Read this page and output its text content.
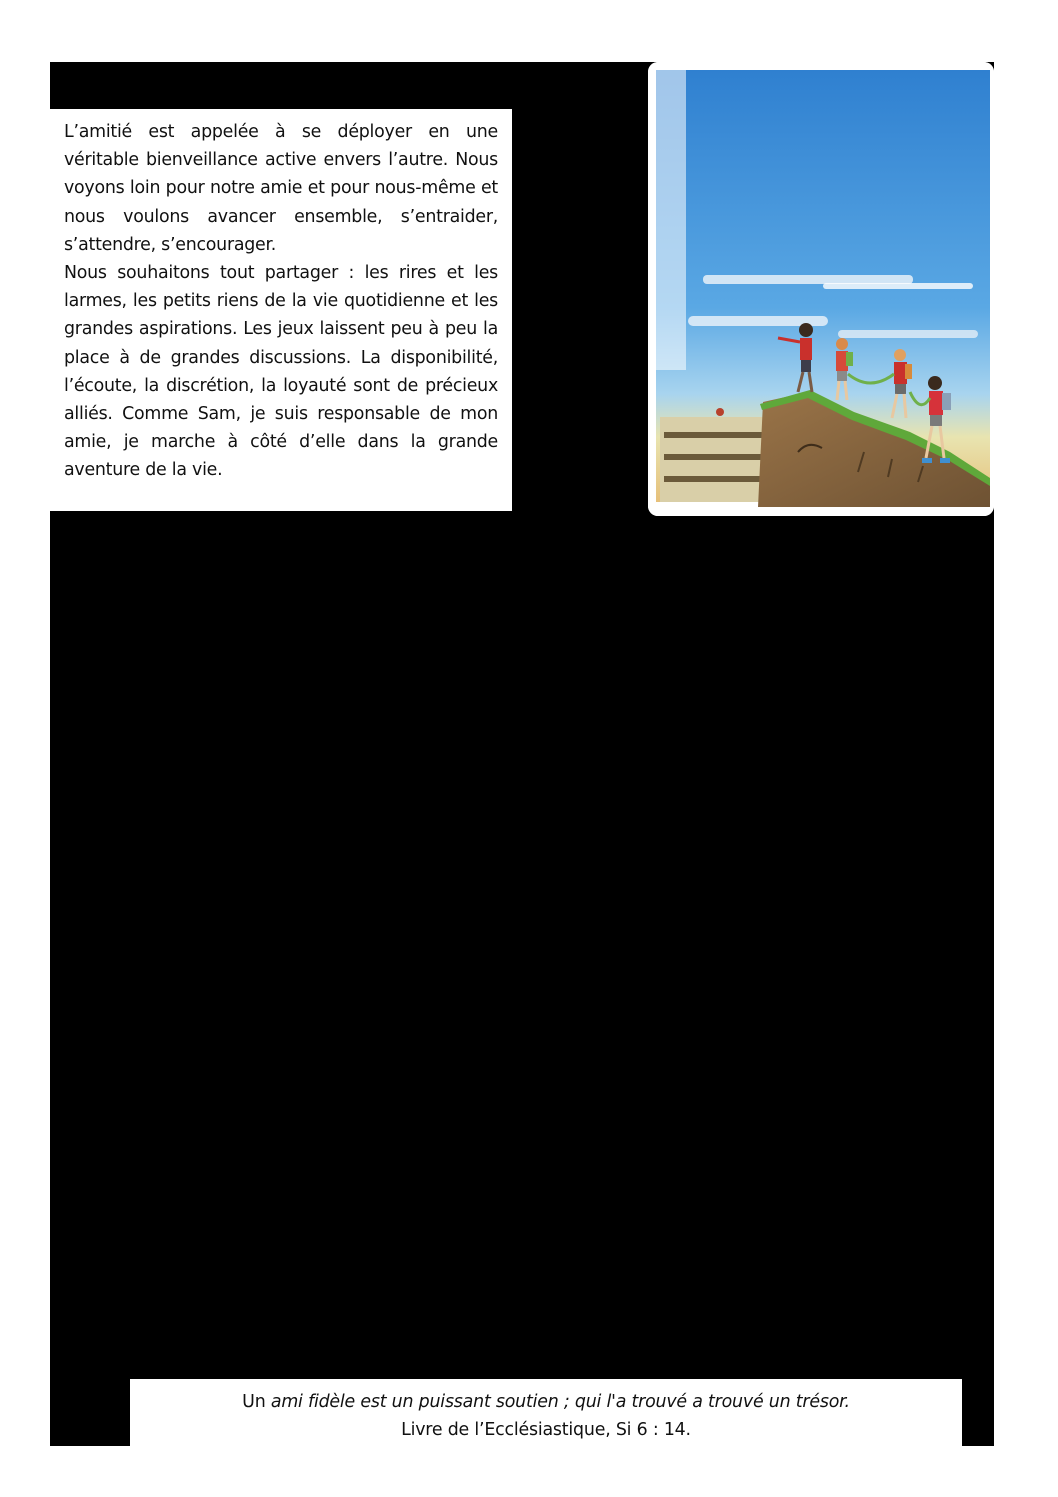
L’amitié est appelée à se déployer en une véritable bienveillance active envers l’autre. Nous voyons loin pour notre amie et pour nous-même et nous voulons avancer ensemble, s’entraider, s’attendre, s’encourager.

Nous souhaitons tout partager : les rires et les larmes, les petits riens de la vie quotidienne et les grandes aspirations. Les jeux laissent peu à peu la place à de grandes discussions. La disponibilité, l’écoute, la discrétion, la loyauté sont de précieux alliés. Comme Sam, je suis responsable de mon amie, je marche à côté d’elle dans la grande aventure de la vie.

Un ami fidèle est un puissant soutien ; qui l'a trouvé a trouvé un trésor.
Livre de l’Ecclésiastique, Si 6 : 14.
